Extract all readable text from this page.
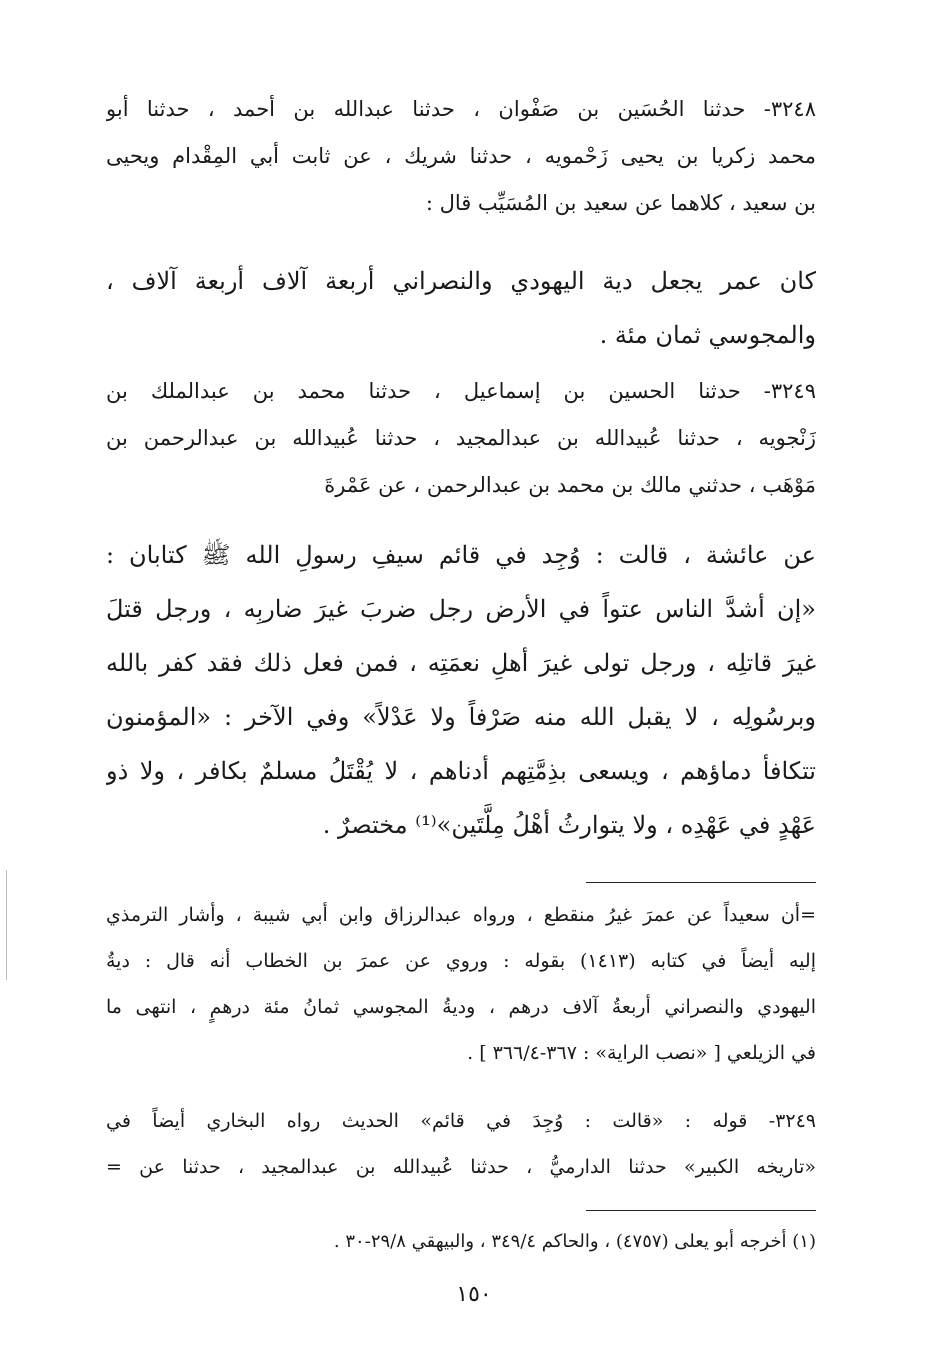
٣٢٤٨- حدثنا الحُسَين بن صَفْوان ، حدثنا عبدالله بن أحمد ، حدثنا أبو
محمد زكريا بن يحيى زَحْمويه ، حدثنا شريك ، عن ثابت أبي المِقْدام ويحيى
بن سعيد ، كلاهما عن سعيد بن المُسَيِّب قال :
كان عمر يجعل دية اليهودي والنصراني أربعة آلاف أربعة آلاف ،
والمجوسي ثمان مئة .
٣٢٤٩- حدثنا الحسين بن إسماعيل ، حدثنا محمد بن عبدالملك بن
زَنْجويه ، حدثنا عُبيدالله بن عبدالمجيد ، حدثنا عُبيدالله بن عبدالرحمن بن
مَوْهَب ، حدثني مالك بن محمد بن عبدالرحمن ، عن عَمْرةَ
عن عائشة ، قالت : وُجِد في قائم سيفِ رسولِ الله ﷺ كتابان :
«إن أشدَّ الناس عتواً في الأرض رجل ضربَ غيرَ ضاربِه ، ورجل قتلَ
غيرَ قاتلِه ، ورجل تولى غيرَ أهلِ نعمَتِه ، فمن فعل ذلك فقد كفر بالله
وبرسُولِه ، لا يقبل الله منه صَرْفاً ولا عَدْلاً» وفي الآخر : «المؤمنون
تتكافأ دماؤهم ، ويسعى بذِمَّتِهم أدناهم ، لا يُقْتَلُ مسلمٌ بكافر ، ولا ذو
عَهْدٍ في عَهْدِه ، ولا يتوارثُ أهْلُ مِلَّتَين»⁽¹⁾ مختصرٌ .
=أن سعيداً عن عمرَ غيرُ منقطع ، ورواه عبدالرزاق وابن أبي شيبة ، وأشار الترمذي
إليه أيضاً في كتابه (١٤١٣) بقوله : وروي عن عمرَ بن الخطاب أنه قال : ديةُ
اليهودي والنصراني أربعةُ آلاف درهم ، وديةُ المجوسي ثمانُ مئة درهمٍ ، انتهى ما
في الزيلعي [ «نصب الراية» : ٣٦٧-٣٦٦/٤ ] .
٣٢٤٩- قوله : «قالت : وُجِدَ في قائم» الحديث رواه البخاري أيضاً في
«تاريخه الكبير» حدثنا الدارميُّ ، حدثنا عُبيدالله بن عبدالمجيد ، حدثنا عن =
(١) أخرجه أبو يعلى (٤٧٥٧) ، والحاكم ٣٤٩/٤ ، والبيهقي ٢٩/٨-٣٠ .
١٥٠
